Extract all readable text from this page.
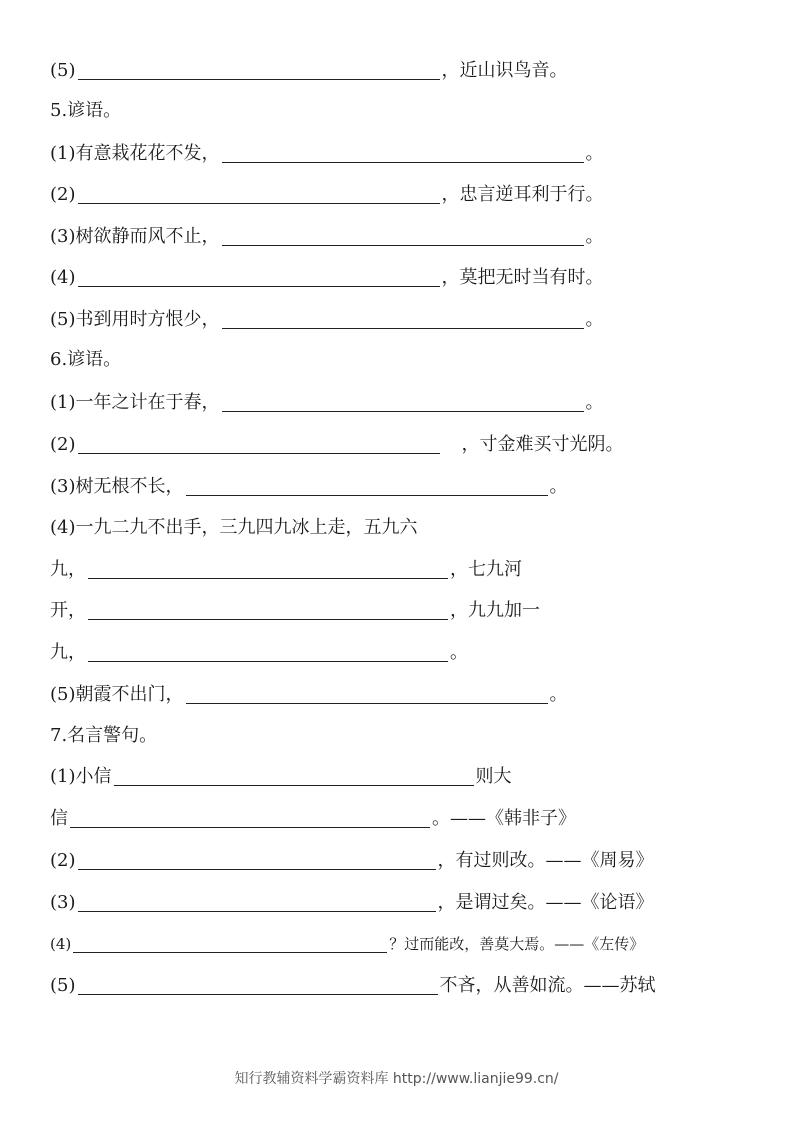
(5)	，近山识鸟音。
5.谚语。
(1)有意栽花花不发，	。
(2)	，忠言逆耳利于行。
(3)树欲静而风不止，	。
(4)	，莫把无时当有时。
(5)书到用时方恨少，	。
6.谚语。
(1)一年之计在于春，	。
(2)	，寸金难买寸光阴。
(3)树无根不长，	。
(4)一九二九不出手，三九四九冰上走，五九六
九，	，七九河
开，	，九九加一
九，	。
(5)朝霞不出门，	。
7.名言警句。
(1)小信	则大
信	。——《韩非子》
(2)	，有过则改。——《周易》
(3)	，是谓过矣。——《论语》
(4)	？过而能改，善莫大焉。——《左传》
(5)	不吝，从善如流。——苏轼
知行教辅资料学霸资料库 http://www.lianjie99.cn/
